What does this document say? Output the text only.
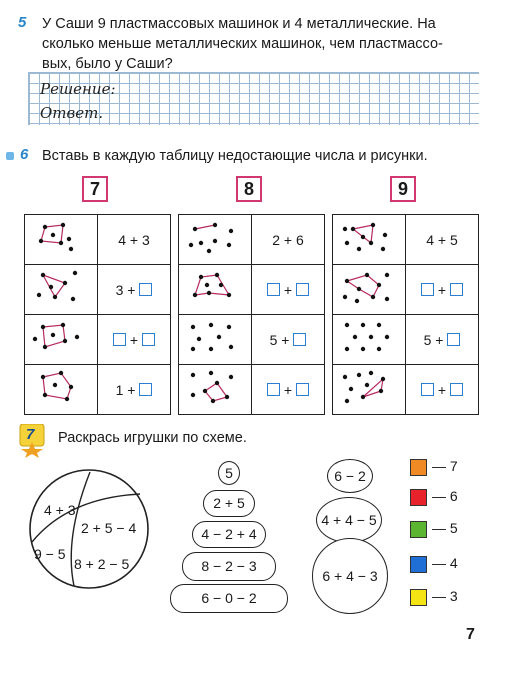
5 У Саши 9 пластмассовых машинок и 4 металлические. На
сколько меньше металлических машинок, чем пластмассо-
вых, было у Саши?
Решение:
Ответ.
6 Вставь в каждую таблицу недостающие числа и рисунки.
7	8	9
	4 + 3
	3 +
	+
	1 +
	2 + 6
	+
	5 +
	+
	4 + 5
	+
	5 +
	+
7 Раскрась игрушки по схеме.
4 + 3
2 + 5 − 4
9 − 5
8 + 2 − 5
5
2 + 5
4 − 2 + 4
8 − 2 − 3
6 − 0 − 2
6 − 2
4 + 4 − 5
6 + 4 − 3
— 7
— 6
— 5
— 4
— 3
7
